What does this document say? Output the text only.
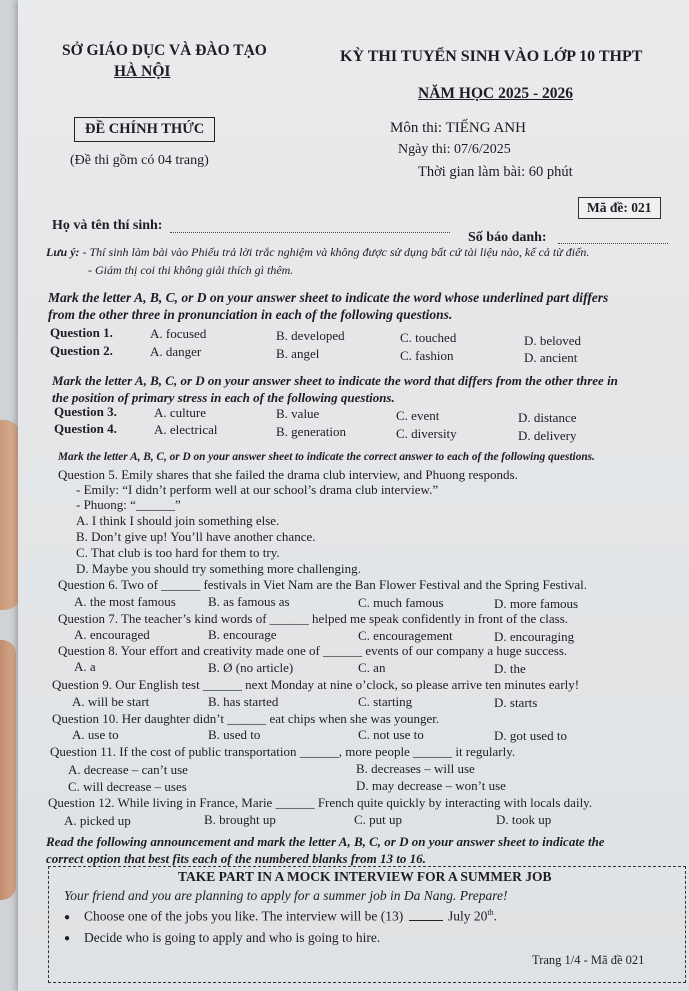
SỞ GIÁO DỤC VÀ ĐÀO TẠO
HÀ NỘI
KỲ THI TUYỂN SINH VÀO LỚP 10 THPT
NĂM HỌC 2025 - 2026
ĐỀ CHÍNH THỨC
(Đề thi gồm có 04 trang)
Môn thi: TIẾNG ANH
Ngày thi: 07/6/2025
Thời gian làm bài: 60 phút
Mã đề: 021
Họ và tên thí sinh:
Số báo danh:
Lưu ý: - Thí sinh làm bài vào Phiếu trả lời trắc nghiệm và không được sử dụng bất cứ tài liệu nào, kể cả từ điển.
- Giám thị coi thi không giải thích gì thêm.
Mark the letter A, B, C, or D on your answer sheet to indicate the word whose underlined part differs
from the other three in pronunciation in each of the following questions.
Question 1.	A. focused	B. developed	C. touched	D. beloved
Question 2.	A. danger	B. angel	C. fashion	D. ancient
Mark the letter A, B, C, or D on your answer sheet to indicate the word that differs from the other three in
the position of primary stress in each of the following questions.
Question 3.	A. culture	B. value	C. event	D. distance
Question 4.	A. electrical	B. generation	C. diversity	D. delivery
Mark the letter A, B, C, or D on your answer sheet to indicate the correct answer to each of the following questions.
Question 5. Emily shares that she failed the drama club interview, and Phuong responds.
- Emily: “I didn’t perform well at our school’s drama club interview.”
- Phuong: “______”
A. I think I should join something else.
B. Don’t give up! You’ll have another chance.
C. That club is too hard for them to try.
D. Maybe you should try something more challenging.
Question 6. Two of ______ festivals in Viet Nam are the Ban Flower Festival and the Spring Festival.
A. the most famous B. as famous as	C. much famous	D. more famous
Question 7. The teacher’s kind words of ______ helped me speak confidently in front of the class.
A. encouraged	B. encourage	C. encouragement	D. encouraging
Question 8. Your effort and creativity made one of ______ events of our company a huge success.
A. a	B. Ø (no article)	C. an	D. the
Question 9. Our English test ______ next Monday at nine o’clock, so please arrive ten minutes early!
A. will be start	B. has started	C. starting	D. starts
Question 10. Her daughter didn’t ______ eat chips when she was younger.
A. use to	B. used to	C. not use to	D. got used to
Question 11. If the cost of public transportation ______, more people ______ it regularly.
A. decrease – can’t use	B. decreases – will use
C. will decrease – uses	D. may decrease – won’t use
Question 12. While living in France, Marie ______ French quite quickly by interacting with locals daily.
A. picked up	B. brought up	C. put up	D. took up
Read the following announcement and mark the letter A, B, C, or D on your answer sheet to indicate the
correct option that best fits each of the numbered blanks from 13 to 16.
TAKE PART IN A MOCK INTERVIEW FOR A SUMMER JOB
Your friend and you are planning to apply for a summer job in Da Nang. Prepare!
● Choose one of the jobs you like. The interview will be (13)	July 20th.
● Decide who is going to apply and who is going to hire.
Trang 1/4 - Mã đề 021
